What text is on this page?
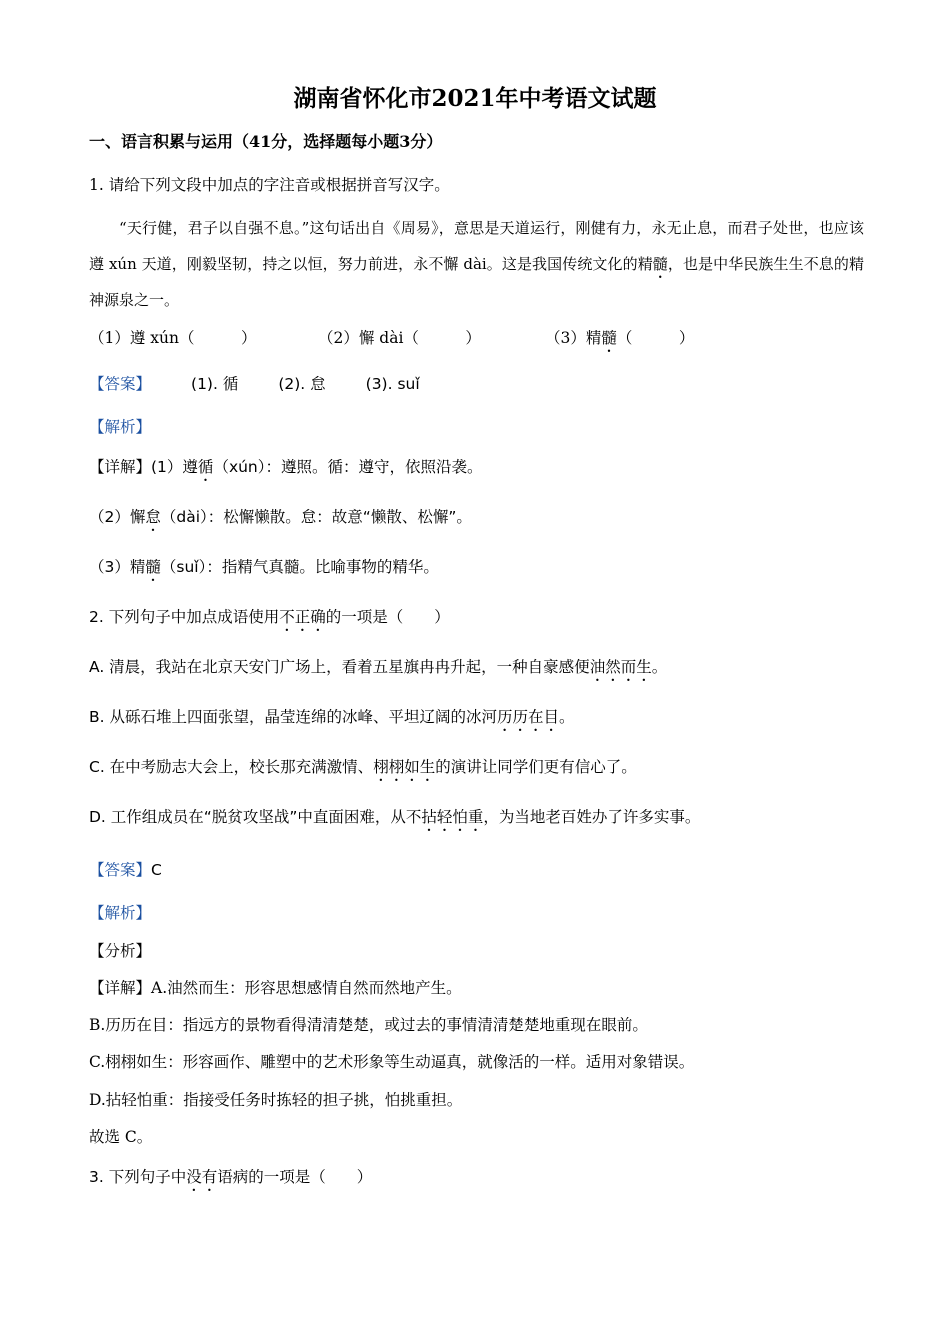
湖南省怀化市2021年中考语文试题
一、语言积累与运用（41分，选择题每小题3分）
1. 请给下列文段中加点的字注音或根据拼音写汉字。
“天行健，君子以自强不息。”这句话出自《周易》，意思是天道运行，刚健有力，永无止息，而君子处世，也应该遵 xún 天道，刚毅坚韧，持之以恒，努力前进，永不懈 dài。这是我国传统文化的精髓，也是中华民族生生不息的精神源泉之一。
（1）遵 xún（　　　）	（2）懈 dài（　　　）	（3）精髓（　　　）
【答案】	(1). 循	(2). 怠	(3). suǐ
【解析】
【详解】(1）遵循（xún）：遵照。循：遵守，依照沿袭。
（2）懈怠（dài）：松懈懒散。怠：故意“懒散、松懈”。
（3）精髓（suǐ）：指精气真髓。比喻事物的精华。
2. 下列句子中加点成语使用不正确的一项是（　　）
A. 清晨，我站在北京天安门广场上，看着五星旗冉冉升起，一种自豪感便油然而生。
B. 从砾石堆上四面张望，晶莹连绵的冰峰、平坦辽阔的冰河历历在目。
C. 在中考励志大会上，校长那充满激情、栩栩如生的演讲让同学们更有信心了。
D. 工作组成员在“脱贫攻坚战”中直面困难，从不拈轻怕重，为当地老百姓办了许多实事。
【答案】C
【解析】
【分析】
【详解】A.油然而生：形容思想感情自然而然地产生。
B.历历在目：指远方的景物看得清清楚楚，或过去的事情清清楚楚地重现在眼前。
C.栩栩如生：形容画作、雕塑中的艺术形象等生动逼真，就像活的一样。适用对象错误。
D.拈轻怕重：指接受任务时拣轻的担子挑，怕挑重担。
故选 C。
3. 下列句子中没有语病的一项是（　　）
